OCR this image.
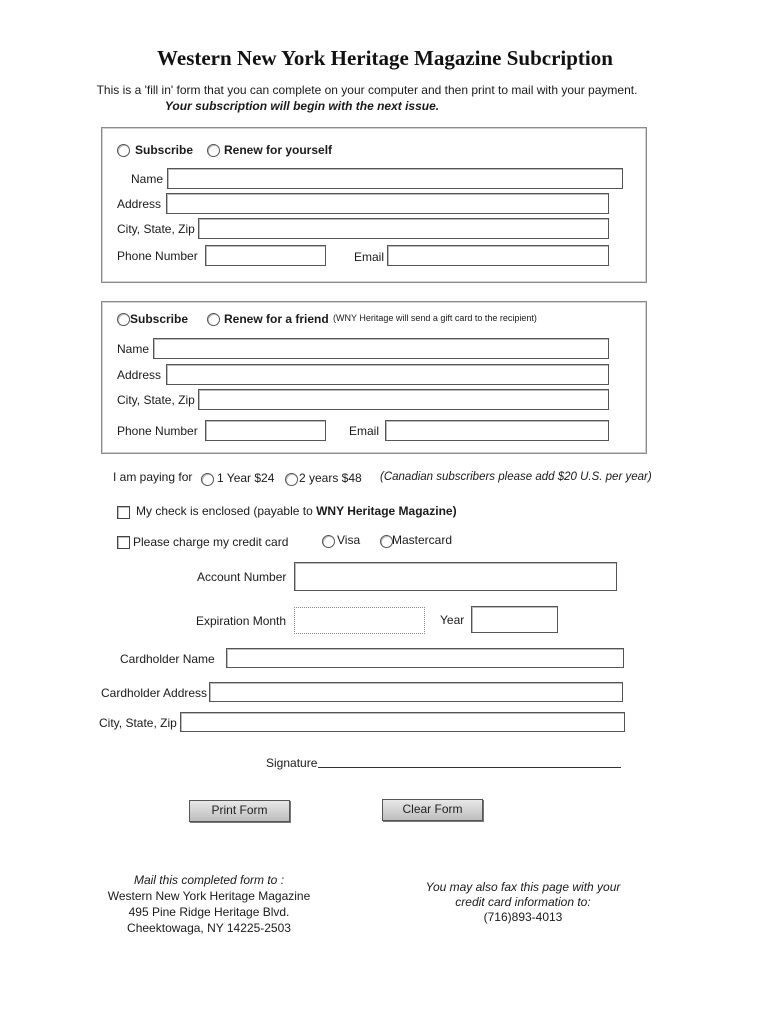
Western New York Heritage Magazine Subcription
This is a 'fill in' form that you can complete on your computer and then print to mail with your payment.
Your subscription will begin with the next issue.
Subscribe	Renew for yourself
Name
Address
City, State, Zip
Phone Number	Email
Subscribe	Renew for a friend (WNY Heritage will send a gift card to the recipient)
Name
Address
City, State, Zip
Phone Number	Email
I am paying for 1 Year $24 2 years $48 (Canadian subscribers please add $20 U.S. per year)
My check is enclosed (payable to WNY Heritage Magazine)
Please charge my credit card	Visa	Mastercard
Account Number
Expiration Month	Year
Cardholder Name
Cardholder Address
City, State, Zip
Signature
Print Form	Clear Form
Mail this completed form to :
Western New York Heritage Magazine
495 Pine Ridge Heritage Blvd.
Cheektowaga, NY 14225-2503
You may also fax this page with your
credit card information to:
(716)893-4013
